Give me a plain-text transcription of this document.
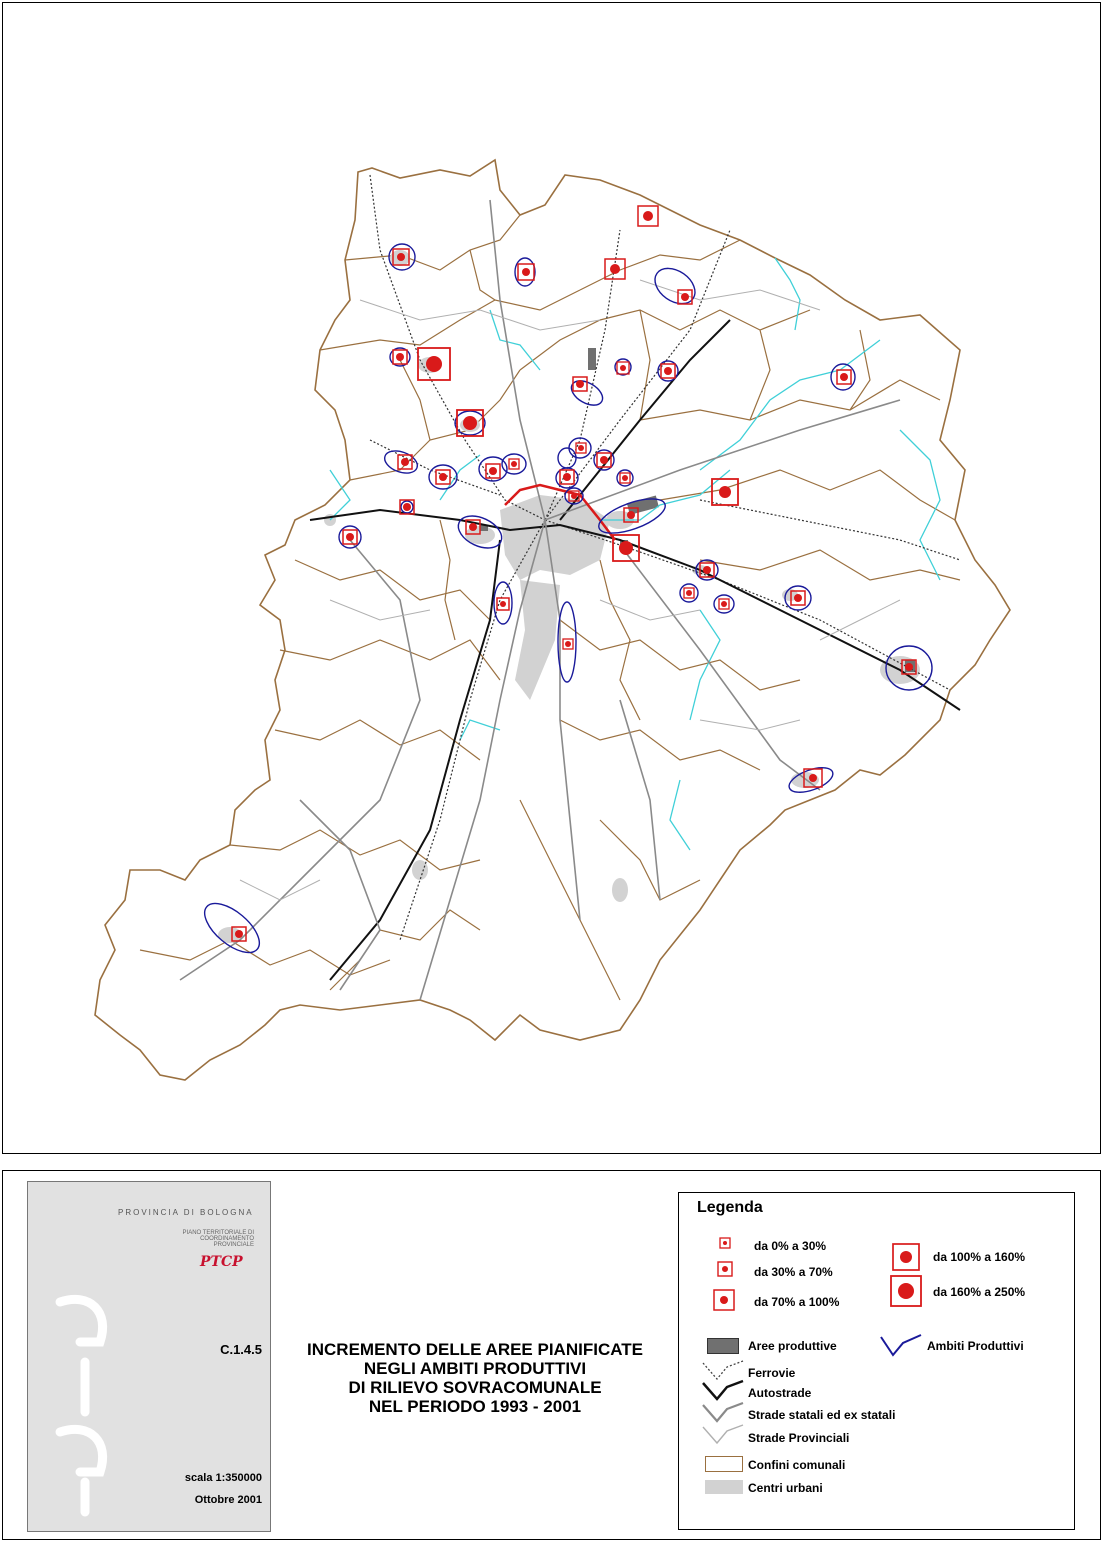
PROVINCIA DI BOLOGNA
PIANO TERRITORIALE DI COORDINAMENTO PROVINCIALE
PTCP
C.1.4.5
scala 1:350000
Ottobre 2001
INCREMENTO DELLE AREE PIANIFICATE
NEGLI AMBITI PRODUTTIVI
DI RILIEVO SOVRACOMUNALE
NEL PERIODO 1993 - 2001
Legenda
da 0% a 30%
da 30% a 70%
da 70% a 100%
da 100% a 160%
da 160% a 250%
Aree produttive	Ambiti Produttivi
Ferrovie
Autostrade
Strade statali ed ex statali
Strade Provinciali
Confini comunali
Centri urbani
